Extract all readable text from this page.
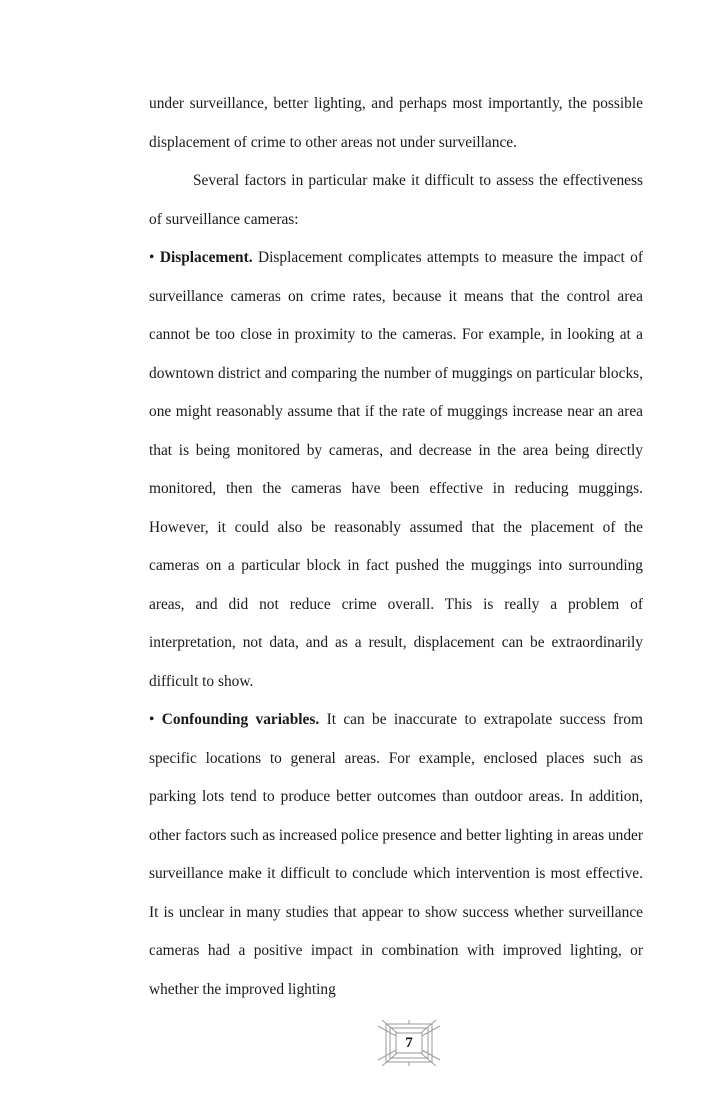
under surveillance, better lighting, and perhaps most importantly, the possible displacement of crime to other areas not under surveillance.

Several factors in particular make it difficult to assess the effectiveness of surveillance cameras:

• Displacement. Displacement complicates attempts to measure the impact of surveillance cameras on crime rates, because it means that the control area cannot be too close in proximity to the cameras. For example, in looking at a downtown district and comparing the number of muggings on particular blocks, one might reasonably assume that if the rate of muggings increase near an area that is being monitored by cameras, and decrease in the area being directly monitored, then the cameras have been effective in reducing muggings. However, it could also be reasonably assumed that the placement of the cameras on a particular block in fact pushed the muggings into surrounding areas, and did not reduce crime overall. This is really a problem of interpretation, not data, and as a result, displacement can be extraordinarily difficult to show.

• Confounding variables. It can be inaccurate to extrapolate success from specific locations to general areas. For example, enclosed places such as parking lots tend to produce better outcomes than outdoor areas. In addition, other factors such as increased police presence and better lighting in areas under surveillance make it difficult to conclude which intervention is most effective. It is unclear in many studies that appear to show success whether surveillance cameras had a positive impact in combination with improved lighting, or whether the improved lighting

7
